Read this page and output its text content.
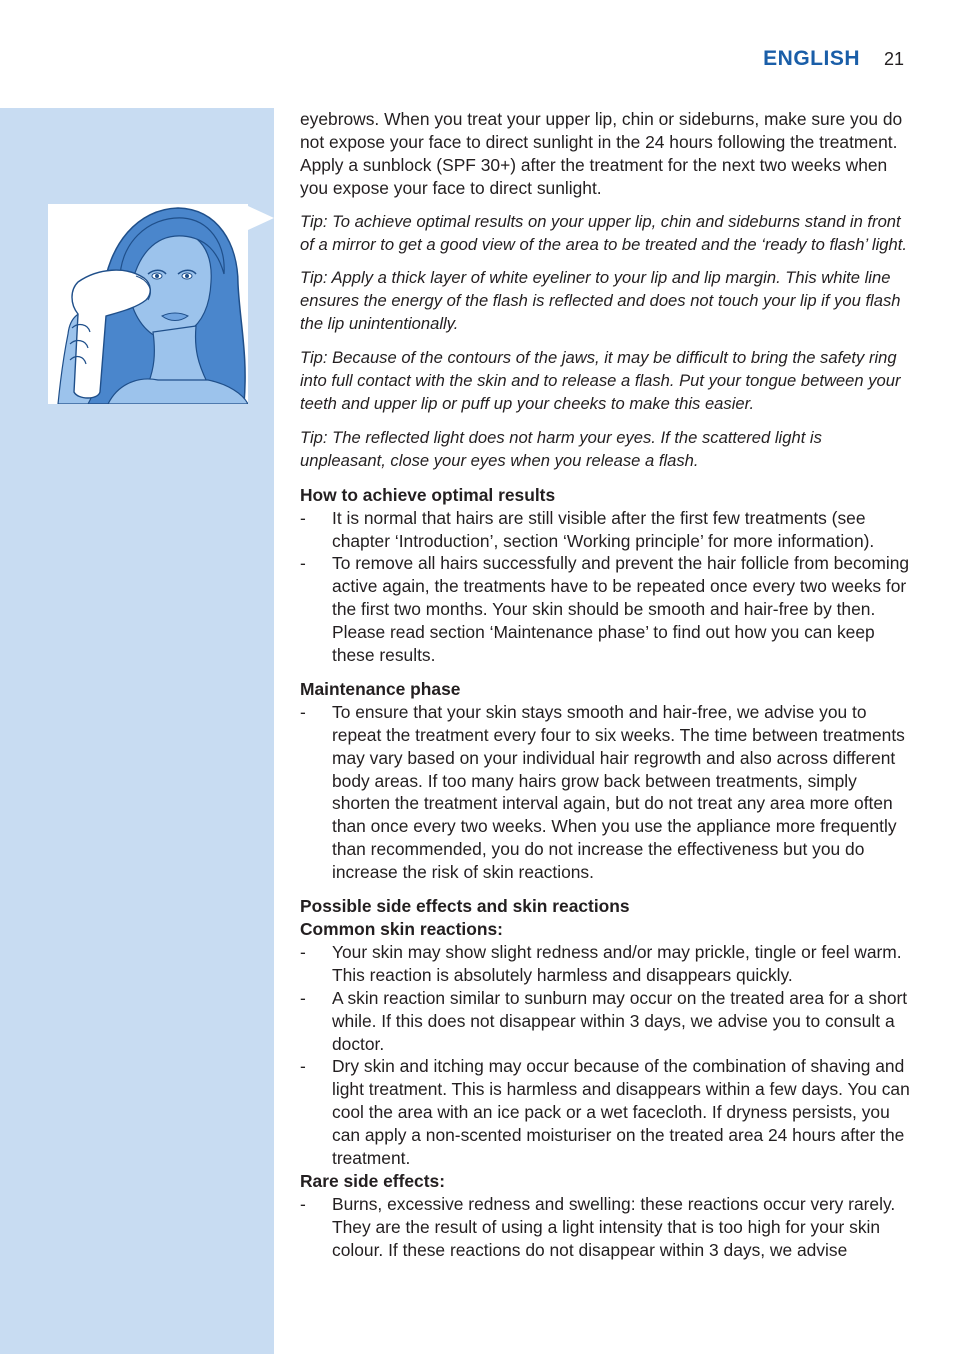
ENGLISH 21

eyebrows. When you treat your upper lip, chin or sideburns, make sure you do not expose your face to direct sunlight in the 24 hours following the treatment. Apply a sunblock (SPF 30+) after the treatment for the next two weeks when you expose your face to direct sunlight.

Tip: To achieve optimal results on your upper lip, chin and sideburns stand in front of a mirror to get a good view of the area to be treated and the ‘ready to flash’ light.

Tip: Apply a thick layer of white eyeliner to your lip and lip margin. This white line ensures the energy of the flash is reflected and does not touch your lip if you flash the lip unintentionally.

Tip: Because of the contours of the jaws, it may be difficult to bring the safety ring into full contact with the skin and to release a flash. Put your tongue between your teeth and upper lip or puff up your cheeks to make this easier.

Tip: The reflected light does not harm your eyes. If the scattered light is unpleasant, close your eyes when you release a flash.

How to achieve optimal results

- It is normal that hairs are still visible after the first few treatments (see chapter ‘Introduction’, section ‘Working principle’ for more information).
- To remove all hairs successfully and prevent the hair follicle from becoming active again, the treatments have to be repeated once every two weeks for the first two months. Your skin should be smooth and hair-free by then. Please read section ‘Maintenance phase’ to find out how you can keep these results.

Maintenance phase

- To ensure that your skin stays smooth and hair-free, we advise you to repeat the treatment every four to six weeks. The time between treatments may vary based on your individual hair regrowth and also across different body areas. If too many hairs grow back between treatments, simply shorten the treatment interval again, but do not treat any area more often than once every two weeks. When you use the appliance more frequently than recommended, you do not increase the effectiveness but you do increase the risk of skin reactions.

Possible side effects and skin reactions

Common skin reactions:

- Your skin may show slight redness and/or may prickle, tingle or feel warm. This reaction is absolutely harmless and disappears quickly.
- A skin reaction similar to sunburn may occur on the treated area for a short while. If this does not disappear within 3 days, we advise you to consult a doctor.
- Dry skin and itching may occur because of the combination of shaving and light treatment. This is harmless and disappears within a few days. You can cool the area with an ice pack or a wet facecloth. If dryness persists, you can apply a non-scented moisturiser on the treated area 24 hours after the treatment.

Rare side effects:

- Burns, excessive redness and swelling: these reactions occur very rarely. They are the result of using a light intensity that is too high for your skin colour. If these reactions do not disappear within 3 days, we advise
